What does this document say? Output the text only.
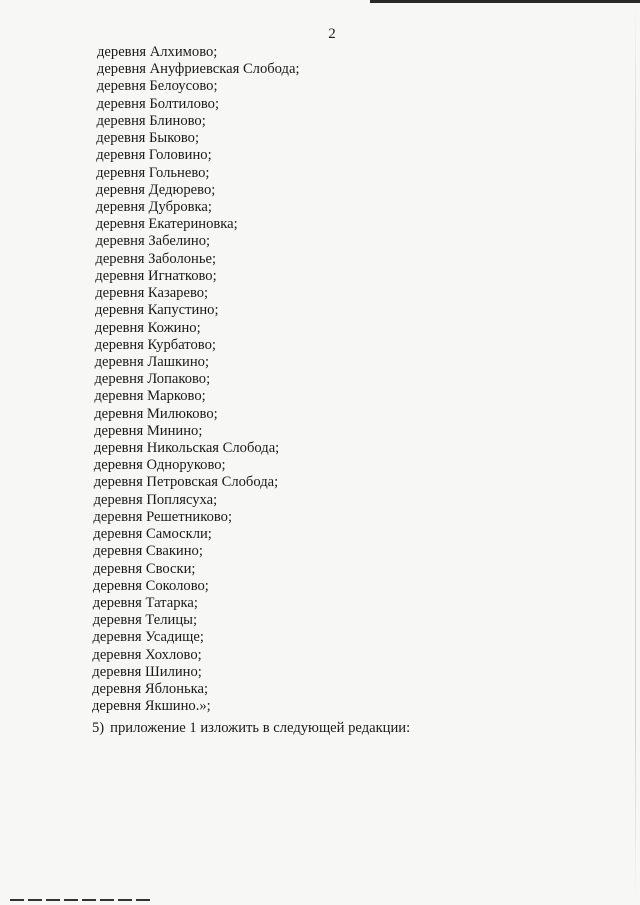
2
деревня Алхимово;
деревня Ануфриевская Слобода;
деревня Белоусово;
деревня Болтилово;
деревня Блиново;
деревня Быково;
деревня Головино;
деревня Гольнево;
деревня Дедюрево;
деревня Дубровка;
деревня Екатериновка;
деревня Забелино;
деревня Заболонье;
деревня Игнатково;
деревня Казарево;
деревня Капустино;
деревня Кожино;
деревня Курбатово;
деревня Лашкино;
деревня Лопаково;
деревня Марково;
деревня Милюково;
деревня Минино;
деревня Никольская Слобода;
деревня Одноруково;
деревня Петровская Слобода;
деревня Поплясуха;
деревня Решетниково;
деревня Самоскли;
деревня Свакино;
деревня Своски;
деревня Соколово;
деревня Татарка;
деревня Телицы;
деревня Усадище;
деревня Хохлово;
деревня Шилино;
деревня Яблонька;
деревня Якшино.»;
5) приложение 1 изложить в следующей редакции:
